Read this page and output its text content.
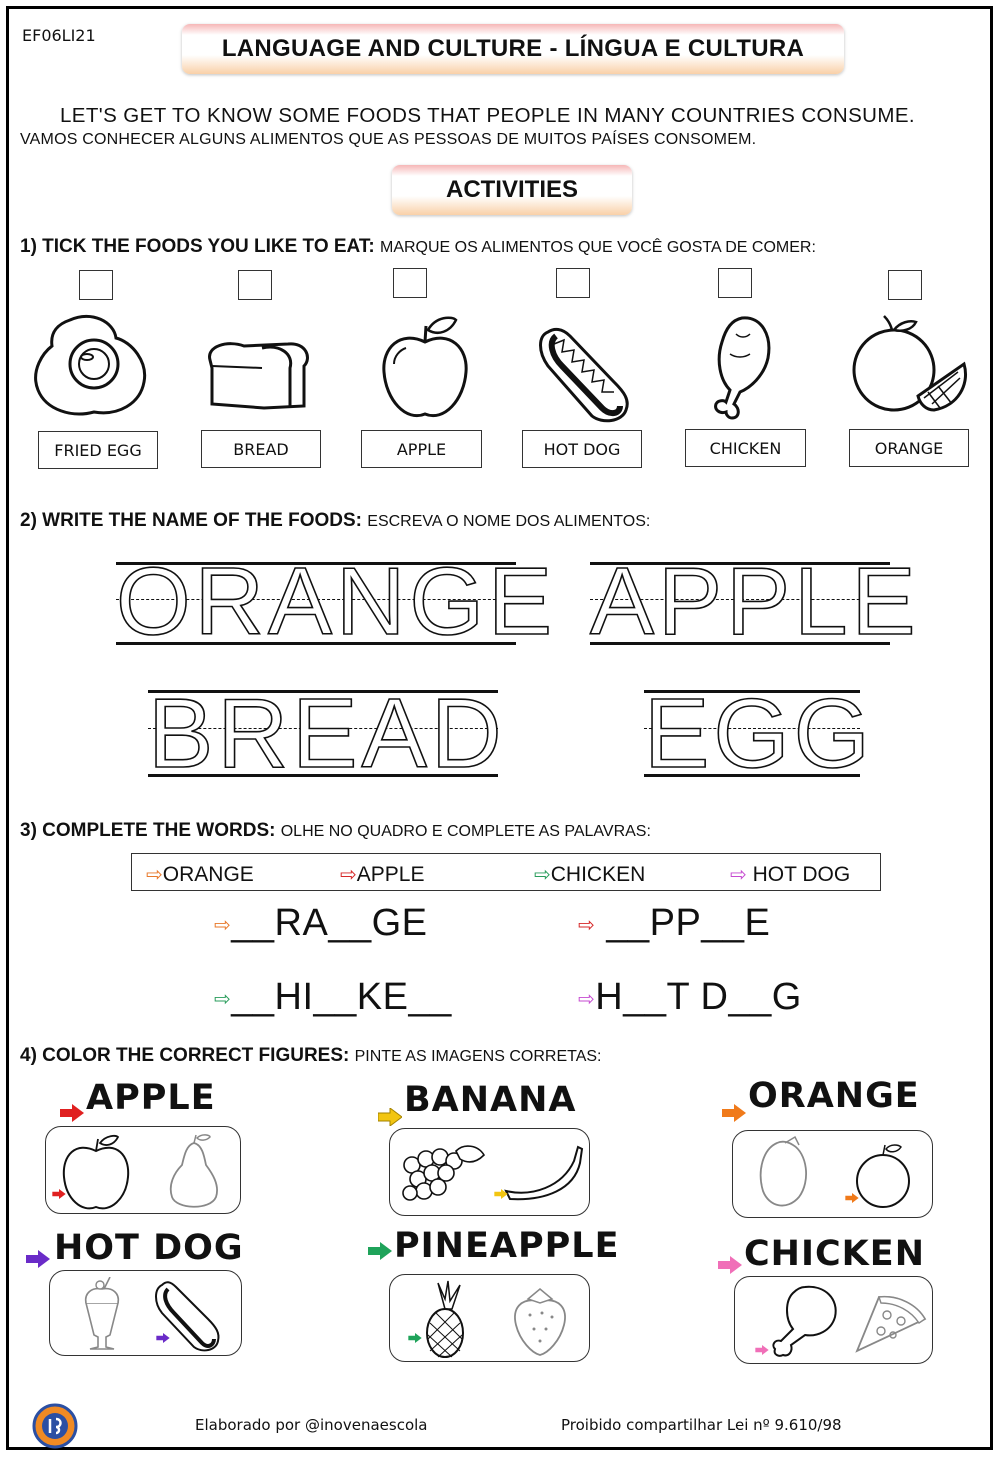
EF06LI21	LANGUAGE AND CULTURE - LÍNGUA E CULTURA
LET'S GET TO KNOW SOME FOODS THAT PEOPLE IN MANY COUNTRIES CONSUME.
VAMOS CONHECER ALGUNS ALIMENTOS QUE AS PESSOAS DE MUITOS PAÍSES CONSOMEM.
ACTIVITIES
1) TICK THE FOODS YOU LIKE TO EAT: MARQUE OS ALIMENTOS QUE VOCÊ GOSTA DE COMER:
FRIED EGG	BREAD	APPLE	HOT DOG	CHICKEN	ORANGE
2) WRITE THE NAME OF THE FOODS: ESCREVA O NOME DOS ALIMENTOS:
ORANGE APPLE
BREAD EGG
3) COMPLETE THE WORDS: OLHE NO QUADRO E COMPLETE AS PALAVRAS:
⇨ORANGE	⇨APPLE	⇨CHICKEN	⇨ HOT DOG
⇨__RA__GE	⇨ __PP__E
⇨__HI__KE__	⇨H__T D__G
4) COLOR THE CORRECT FIGURES: PINTE AS IMAGENS CORRETAS:
APPLE	BANANA	ORANGE
HOT DOG	PINEAPPLE	CHICKEN
Elaborado por @inovenaescola	Proibido compartilhar Lei nº 9.610/98
